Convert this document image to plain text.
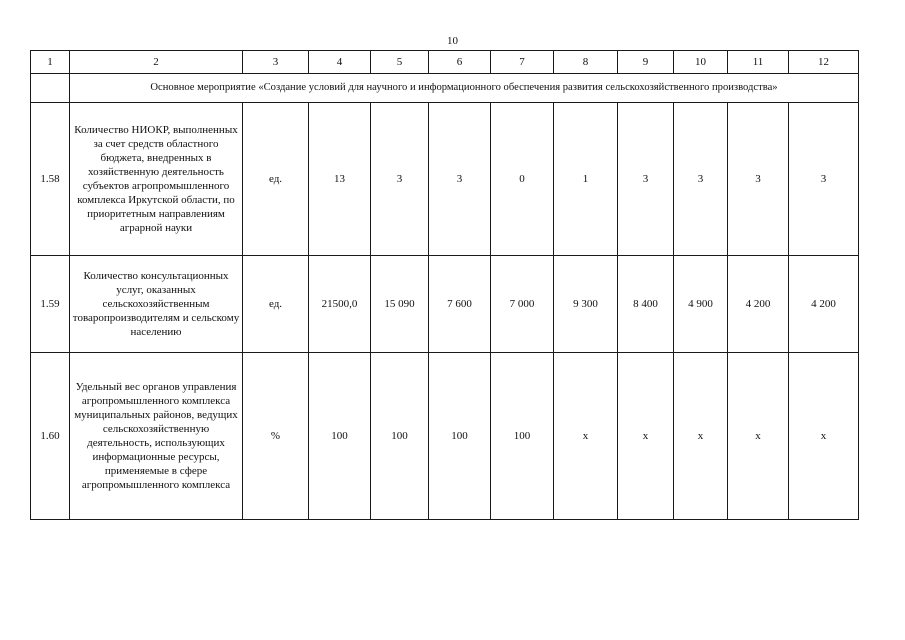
10
1	2	3	4	5	6	7	8	9	10	11	12
	Основное мероприятие «Создание условий для научного и информационного обеспечения развития сельскохозяйственного производства»										
1.58	Количество НИОКР, выполненных за счет средств областного бюджета, внедренных в хозяйственную деятельность субъектов агропромышленного комплекса Иркутской области, по приоритетным направлениям аграрной науки	ед.	13	3	3	0	1	3	3	3	3
1.59	Количество консультационных услуг, оказанных сельскохозяйственным товаропроизводителям и сельскому населению	ед.	21500,0	15 090	7 600	7 000	9 300	8 400	4 900	4 200	4 200
1.60	Удельный вес органов управления агропромышленного комплекса муниципальных районов, ведущих сельскохозяйственную деятельность, использующих информационные ресурсы, применяемые в сфере агропромышленного комплекса	%	100	100	100	100	х	х	х	х	х
